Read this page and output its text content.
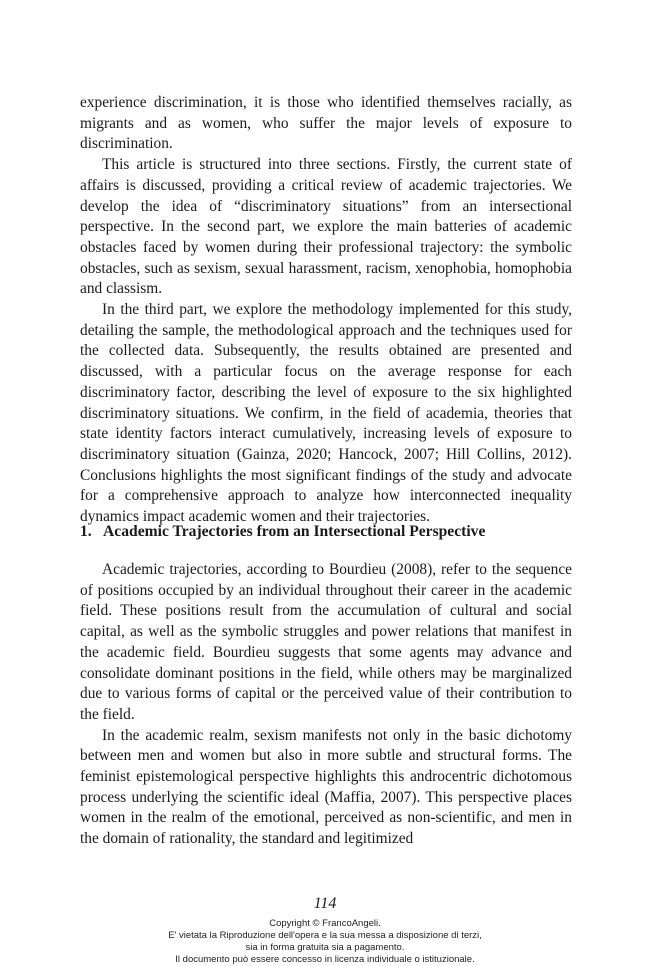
experience discrimination, it is those who identified themselves racially, as migrants and as women, who suffer the major levels of exposure to discrimination.

This article is structured into three sections. Firstly, the current state of affairs is discussed, providing a critical review of academic trajectories. We develop the idea of “discriminatory situations” from an intersectional perspective. In the second part, we explore the main batteries of academic obstacles faced by women during their professional trajectory: the symbolic obstacles, such as sexism, sexual harassment, racism, xenophobia, homophobia and classism.

In the third part, we explore the methodology implemented for this study, detailing the sample, the methodological approach and the techniques used for the collected data. Subsequently, the results obtained are presented and discussed, with a particular focus on the average response for each discriminatory factor, describing the level of exposure to the six highlighted discriminatory situations. We confirm, in the field of academia, theories that state identity factors interact cumulatively, increasing levels of exposure to discriminatory situation (Gainza, 2020; Hancock, 2007; Hill Collins, 2012). Conclusions highlights the most significant findings of the study and advocate for a comprehensive approach to analyze how interconnected inequality dynamics impact academic women and their trajectories.

1. Academic Trajectories from an Intersectional Perspective

Academic trajectories, according to Bourdieu (2008), refer to the sequence of positions occupied by an individual throughout their career in the academic field. These positions result from the accumulation of cultural and social capital, as well as the symbolic struggles and power relations that manifest in the academic field. Bourdieu suggests that some agents may advance and consolidate dominant positions in the field, while others may be marginalized due to various forms of capital or the perceived value of their contribution to the field.

In the academic realm, sexism manifests not only in the basic dichotomy between men and women but also in more subtle and structural forms. The feminist epistemological perspective highlights this androcentric dichotomous process underlying the scientific ideal (Maffia, 2007). This perspective places women in the realm of the emotional, perceived as non-scientific, and men in the domain of rationality, the standard and legitimized

114
Copyright © FrancoAngeli.
E' vietata la Riproduzione dell'opera e la sua messa a disposizione di terzi,
sia in forma gratuita sia a pagamento.
Il documento può essere concesso in licenza individuale o istituzionale.
